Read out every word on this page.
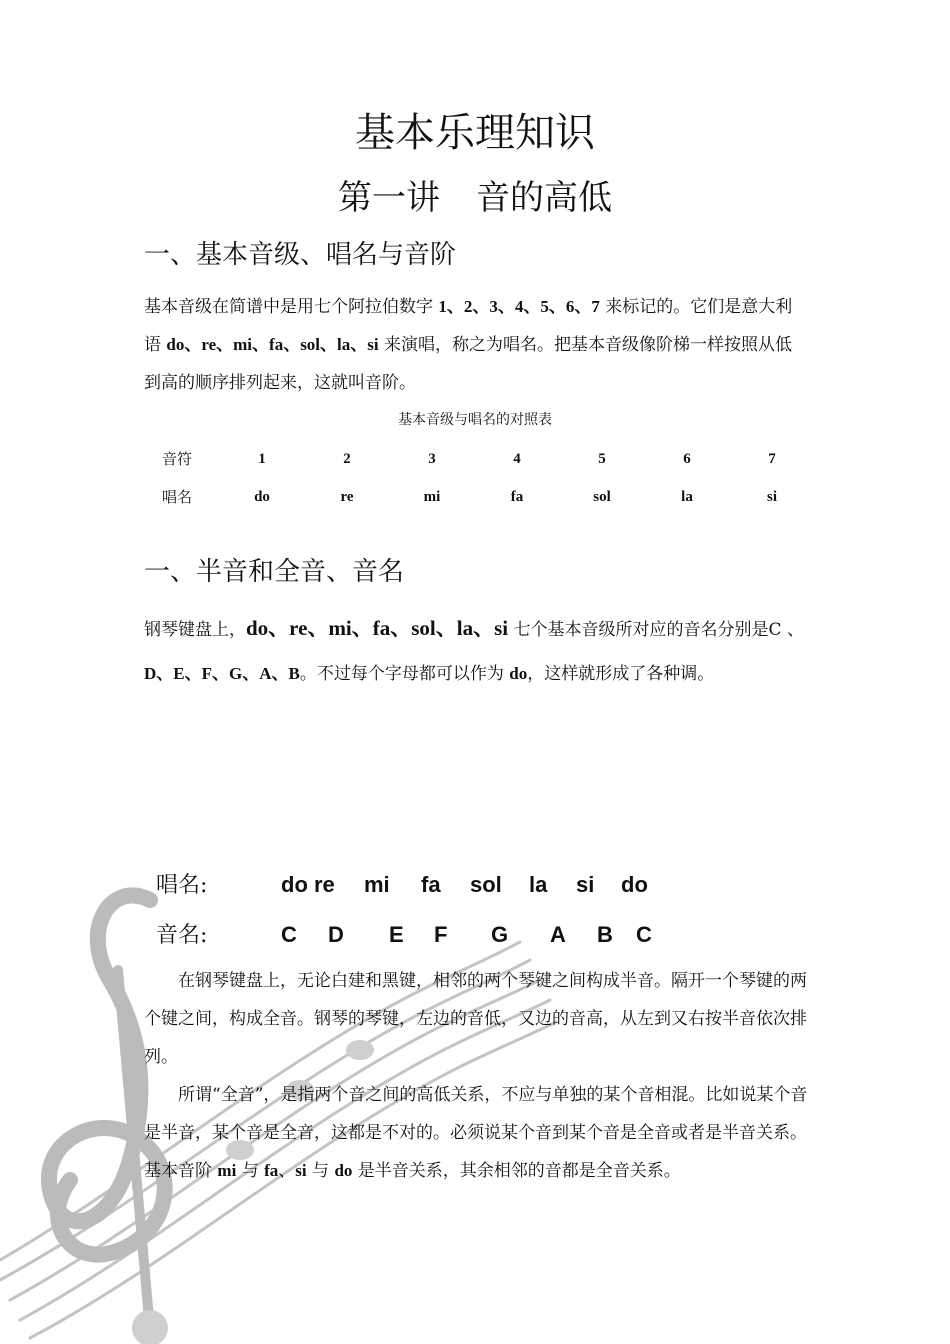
基本乐理知识
第一讲 音的高低
一、基本音级、唱名与音阶
基本音级在简谱中是用七个阿拉伯数字 1、2、3、4、5、6、7 来标记的。它们是意大利语 do、re、mi、fa、sol、la、si 来演唱，称之为唱名。把基本音级像阶梯一样按照从低到高的顺序排列起来，这就叫音阶。
基本音级与唱名的对照表
音符	1	2	3	4	5	6	7
唱名	do	re	mi	fa	sol	la	si
一、半音和全音、音名
钢琴键盘上，do、re、mi、fa、sol、la、si 七个基本音级所对应的音名分别是C 、D、E、F、G、A、B。不过每个字母都可以作为 do，这样就形成了各种调。
唱名:	do re mi fa sol la si do
音名:	C D E F G A B C
在钢琴键盘上，无论白建和黑键，相邻的两个琴键之间构成半音。隔开一个琴键的两个键之间，构成全音。钢琴的琴键，左边的音低，又边的音高，从左到又右按半音依次排列。
所谓“全音”，是指两个音之间的高低关系，不应与单独的某个音相混。比如说某个音是半音，某个音是全音，这都是不对的。必须说某个音到某个音是全音或者是半音关系。基本音阶 mi 与 fa、si 与 do 是半音关系，其余相邻的音都是全音关系。
